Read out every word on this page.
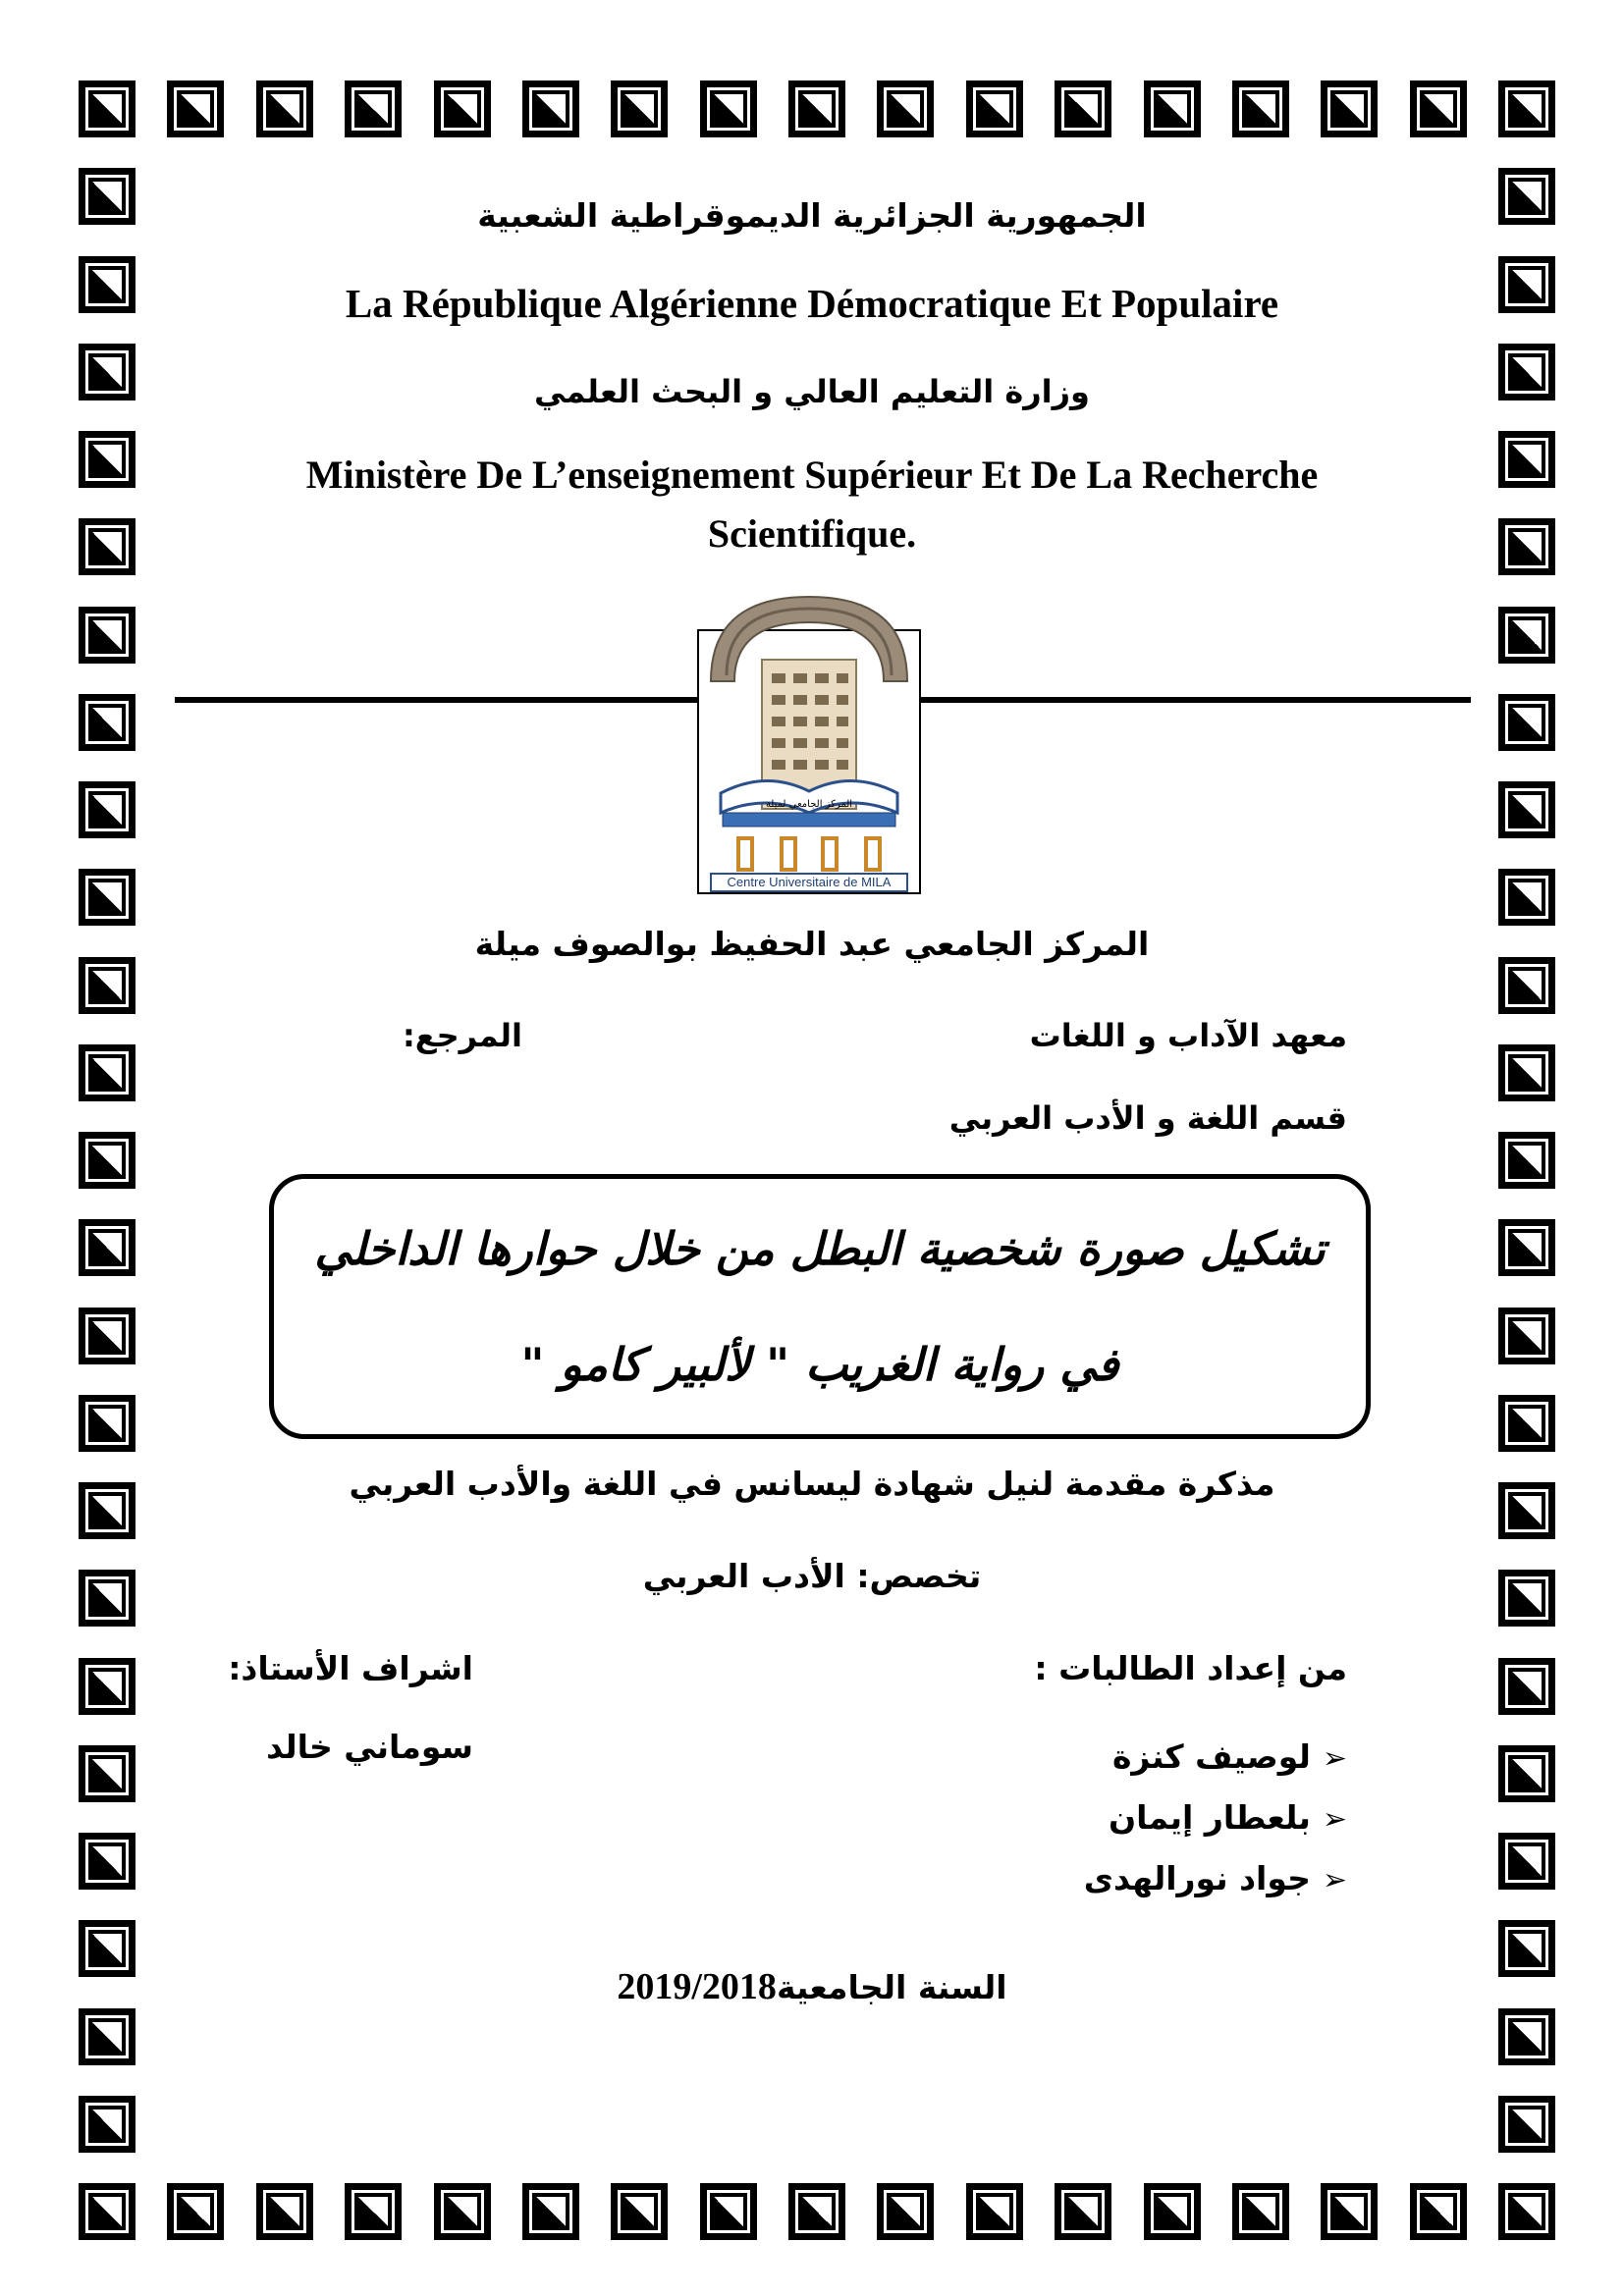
الجمهورية الجزائرية الديموقراطية الشعبية
La République Algérienne Démocratique Et Populaire
وزارة التعليم العالي و البحث العلمي
Ministère De L’enseignement Supérieur Et De La Recherche
Scientifique.
المركز الجامعي لميلة
Centre Universitaire de MILA
المركز الجامعي عبد الحفيظ بوالصوف ميلة
معهد الآداب و اللغات
المرجع:
قسم اللغة و الأدب العربي
تشكيل صورة شخصية البطل من خلال حوارها الداخلي
في رواية الغريب " لألبير كامو "
مذكرة مقدمة لنيل شهادة ليسانس في اللغة والأدب العربي
تخصص: الأدب العربي
من إعداد الطالبات :
➢لوصيف كنزة
➢بلعطار إيمان
➢جواد نورالهدى
اشراف الأستاذ:
سوماني خالد
2019/2018السنة الجامعية
